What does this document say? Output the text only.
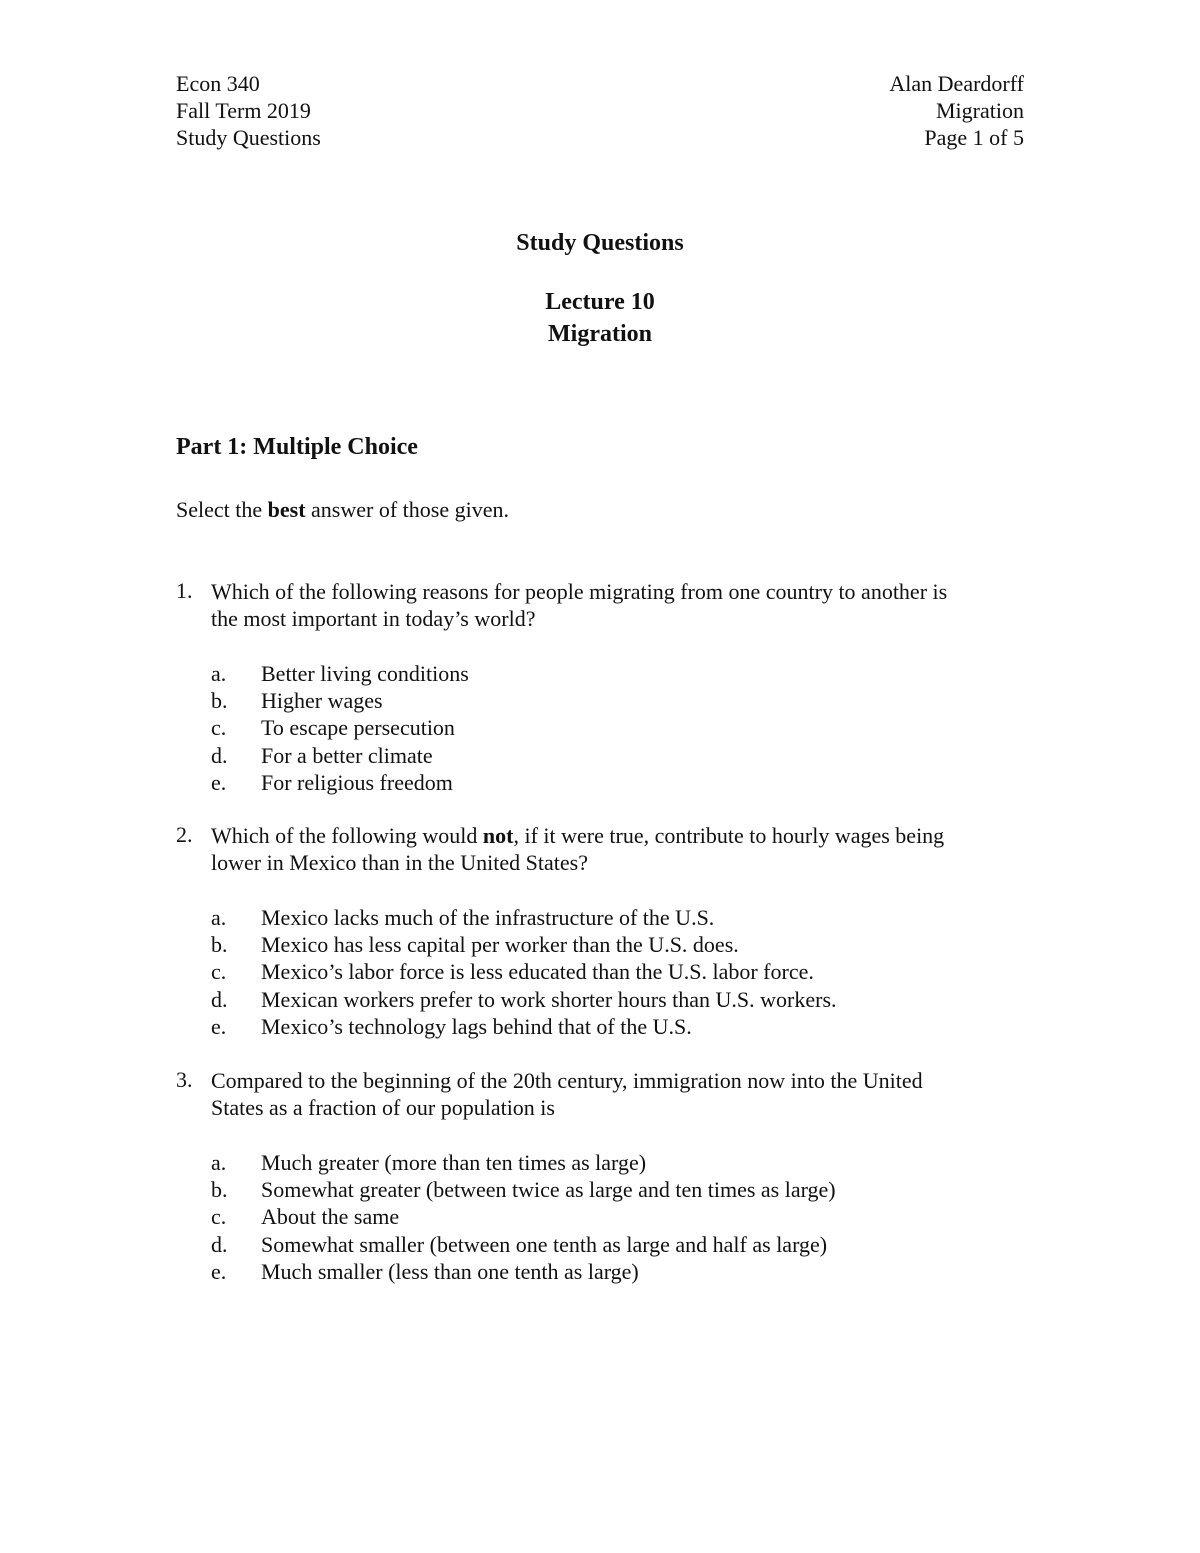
Econ 340
Fall Term 2019
Study Questions
Alan Deardorff
Migration
Page 1 of 5
Study Questions
Lecture 10
Migration
Part 1: Multiple Choice
Select the best answer of those given.
1. Which of the following reasons for people migrating from one country to another is
the most important in today’s world?
a. Better living conditions
b. Higher wages
c. To escape persecution
d. For a better climate
e. For religious freedom
2. Which of the following would not, if it were true, contribute to hourly wages being
lower in Mexico than in the United States?
a. Mexico lacks much of the infrastructure of the U.S.
b. Mexico has less capital per worker than the U.S. does.
c. Mexico’s labor force is less educated than the U.S. labor force.
d. Mexican workers prefer to work shorter hours than U.S. workers.
e. Mexico’s technology lags behind that of the U.S.
3. Compared to the beginning of the 20th century, immigration now into the United
States as a fraction of our population is
a. Much greater (more than ten times as large)
b. Somewhat greater (between twice as large and ten times as large)
c. About the same
d. Somewhat smaller (between one tenth as large and half as large)
e. Much smaller (less than one tenth as large)
